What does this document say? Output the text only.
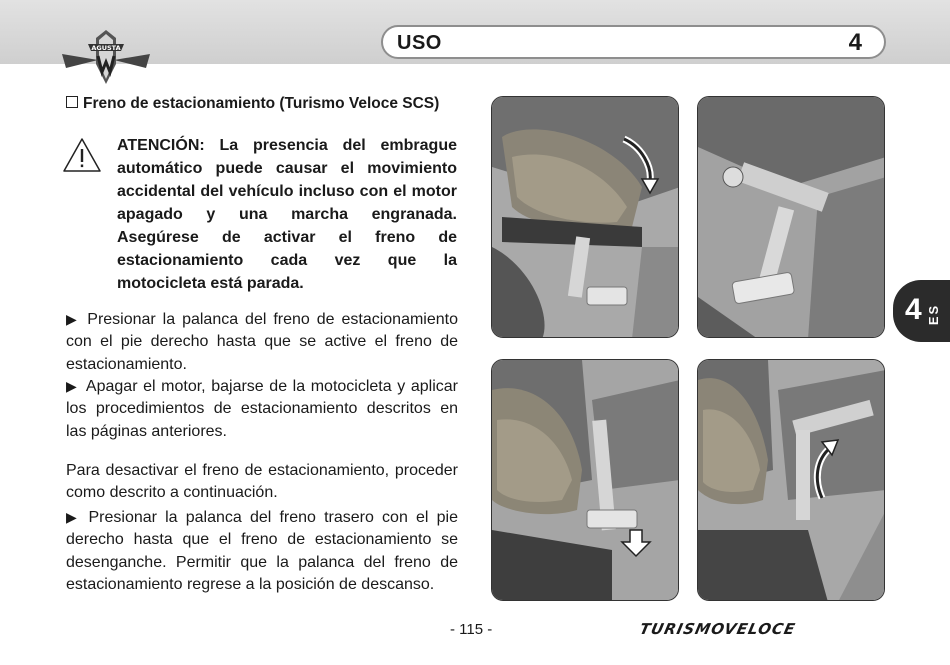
AGUSTA	USO	4
Freno de estacionamiento (Turismo Veloce SCS)
ATENCIÓN: La presencia del embrague automático puede causar el movimiento accidental del vehículo incluso con el motor apagado y una marcha engranada. Asegúrese de activar el freno de estacionamiento cada vez que la motocicleta está parada.
▶ Presionar la palanca del freno de estacionamiento con el pie derecho hasta que se active el freno de estacionamiento.
▶ Apagar el motor, bajarse de la motocicleta y aplicar los procedimientos de estacionamiento descritos en las páginas anteriores.
Para desactivar el freno de estacionamiento, proceder como descrito a continuación.
▶ Presionar la palanca del freno trasero con el pie derecho hasta que el freno de estacionamiento se desenganche. Permitir que la palanca del freno de estacionamiento regrese a la posición de descanso.
4 ES
- 115 -	TURISMOVELOCE
